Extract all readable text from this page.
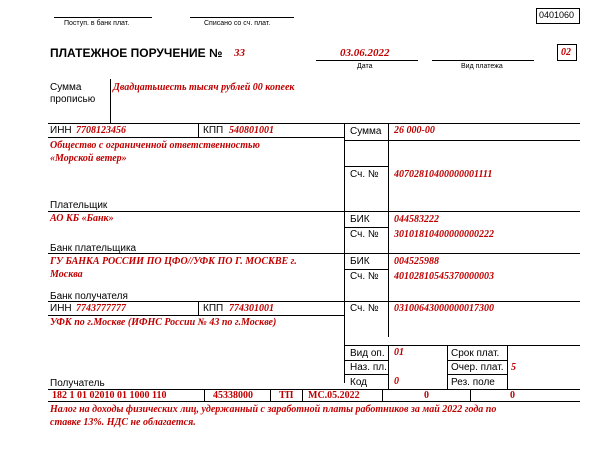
0401060
Поступ. в банк плат.	Списано со сч. плат.
ПЛАТЕЖНОЕ ПОРУЧЕНИЕ № 33	03.06.2022
Дата	Вид платежа
02
Сумма
прописью
Двадцатьшесть тысяч рублей 00 копеек
ИНН 7708123456	КПП 540801001
Общество с ограниченной ответственностью
«Морской ветер»
Плательщик
Сумма 26 000-00
Сч. № 40702810400000001111
АО КБ «Банк»
Банк плательщика
БИК 044583222
Сч. № 30101810400000000222
ГУ БАНКА РОССИИ ПО ЦФО//УФК ПО Г. МОСКВЕ г.
Москва
Банк получателя
БИК 004525988
Сч. № 40102810545370000003
ИНН 7743777777	КПП 774301001
УФК по г.Москве (ИФНС России № 43 по г.Москве)
Сч. № 03100643000000017300
Получатель
Вид оп. 01
Наз. пл.
Код	0
Срок плат.
Очер. плат. 5
Рез. поле
182 1 01 02010 01 1000 110	45338000	ТП МС.05.2022	0	0
Налог на доходы физических лиц, удержанный с заработной платы работников за май 2022 года по
ставке 13%. НДС не облагается.
